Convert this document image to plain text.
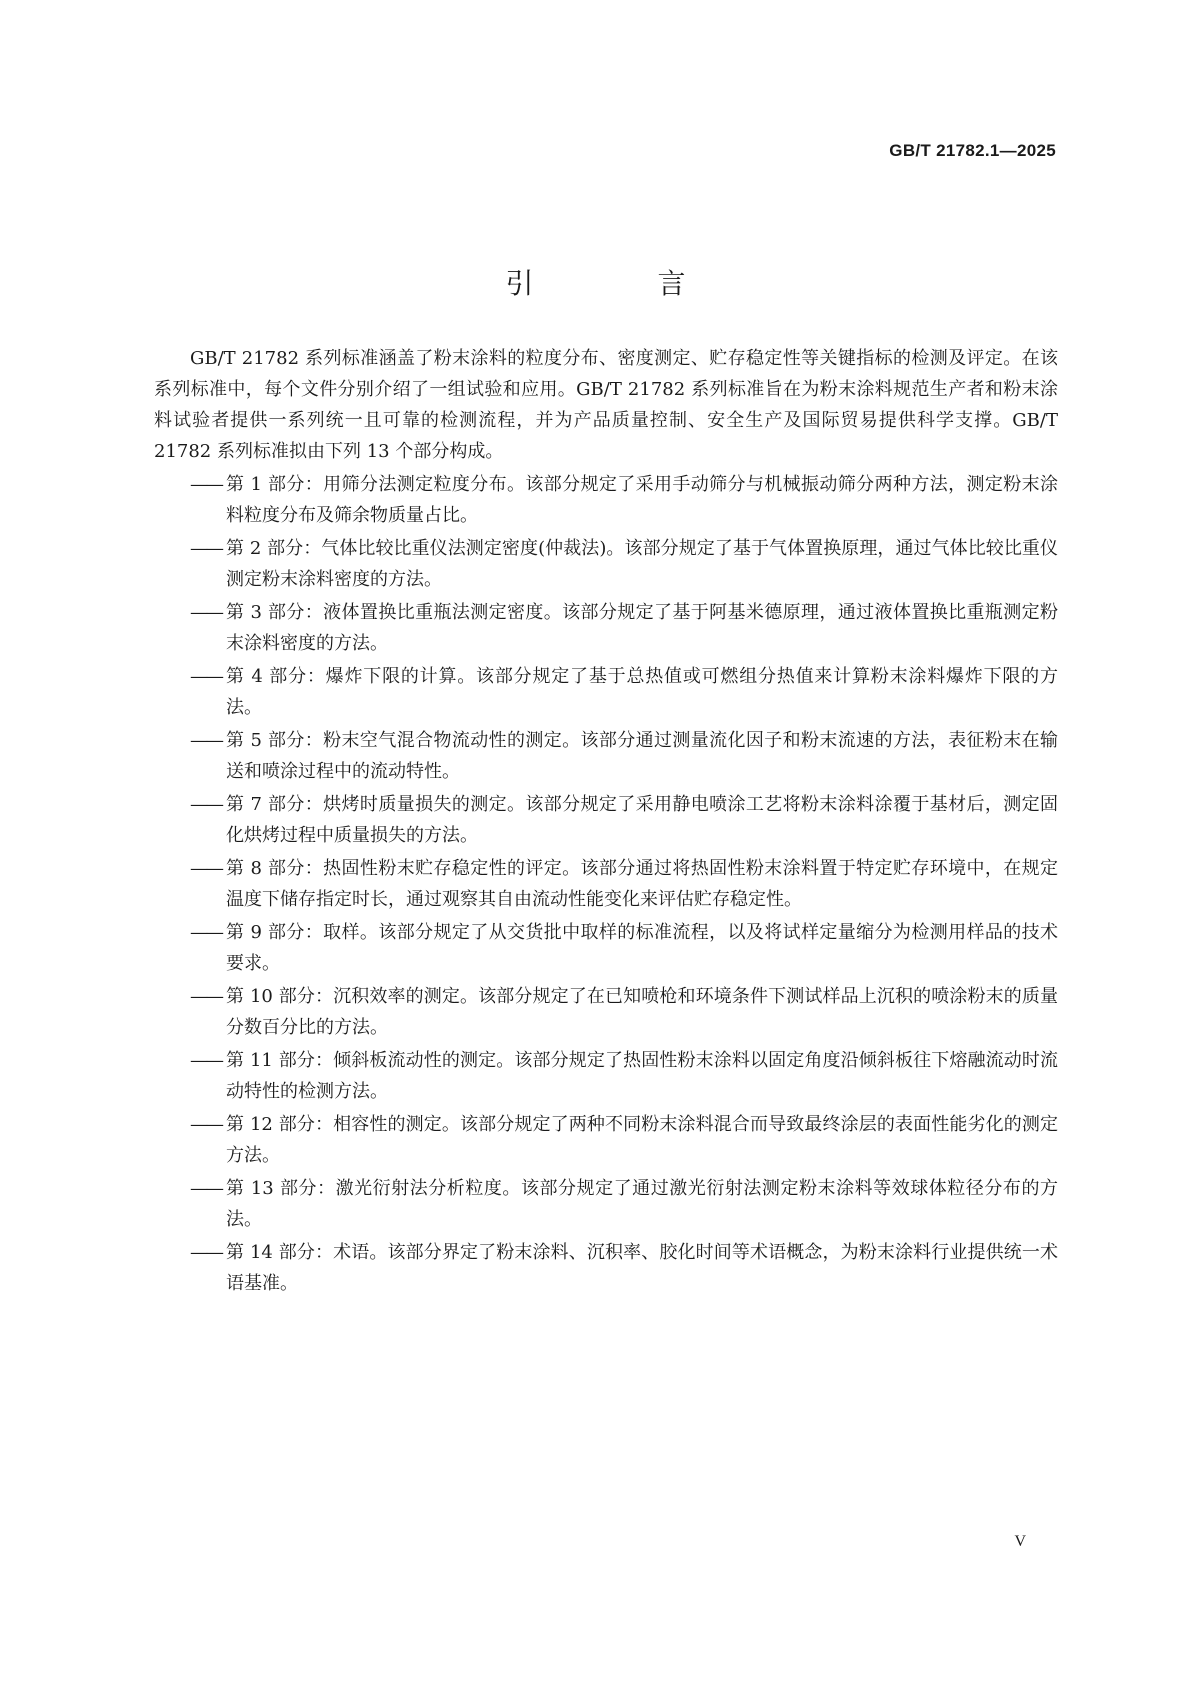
GB/T 21782.1—2025
引　言

GB/T 21782 系列标准涵盖了粉末涂料的粒度分布、密度测定、贮存稳定性等关键指标的检测及评定。在该系列标准中，每个文件分别介绍了一组试验和应用。GB/T 21782 系列标准旨在为粉末涂料规范生产者和粉末涂料试验者提供一系列统一且可靠的检测流程，并为产品质量控制、安全生产及国际贸易提供科学支撑。GB/T 21782 系列标准拟由下列 13 个部分构成。

—— 第 1 部分：用筛分法测定粒度分布。该部分规定了采用手动筛分与机械振动筛分两种方法，测定粉末涂料粒度分布及筛余物质量占比。
—— 第 2 部分：气体比较比重仪法测定密度(仲裁法)。该部分规定了基于气体置换原理，通过气体比较比重仪测定粉末涂料密度的方法。
—— 第 3 部分：液体置换比重瓶法测定密度。该部分规定了基于阿基米德原理，通过液体置换比重瓶测定粉末涂料密度的方法。
—— 第 4 部分：爆炸下限的计算。该部分规定了基于总热值或可燃组分热值来计算粉末涂料爆炸下限的方法。
—— 第 5 部分：粉末空气混合物流动性的测定。该部分通过测量流化因子和粉末流速的方法，表征粉末在输送和喷涂过程中的流动特性。
—— 第 7 部分：烘烤时质量损失的测定。该部分规定了采用静电喷涂工艺将粉末涂料涂覆于基材后，测定固化烘烤过程中质量损失的方法。
—— 第 8 部分：热固性粉末贮存稳定性的评定。该部分通过将热固性粉末涂料置于特定贮存环境中，在规定温度下储存指定时长，通过观察其自由流动性能变化来评估贮存稳定性。
—— 第 9 部分：取样。该部分规定了从交货批中取样的标准流程，以及将试样定量缩分为检测用样品的技术要求。
—— 第 10 部分：沉积效率的测定。该部分规定了在已知喷枪和环境条件下测试样品上沉积的喷涂粉末的质量分数百分比的方法。
—— 第 11 部分：倾斜板流动性的测定。该部分规定了热固性粉末涂料以固定角度沿倾斜板往下熔融流动时流动特性的检测方法。
—— 第 12 部分：相容性的测定。该部分规定了两种不同粉末涂料混合而导致最终涂层的表面性能劣化的测定方法。
—— 第 13 部分：激光衍射法分析粒度。该部分规定了通过激光衍射法测定粉末涂料等效球体粒径分布的方法。
—— 第 14 部分：术语。该部分界定了粉末涂料、沉积率、胶化时间等术语概念，为粉末涂料行业提供统一术语基准。
V
